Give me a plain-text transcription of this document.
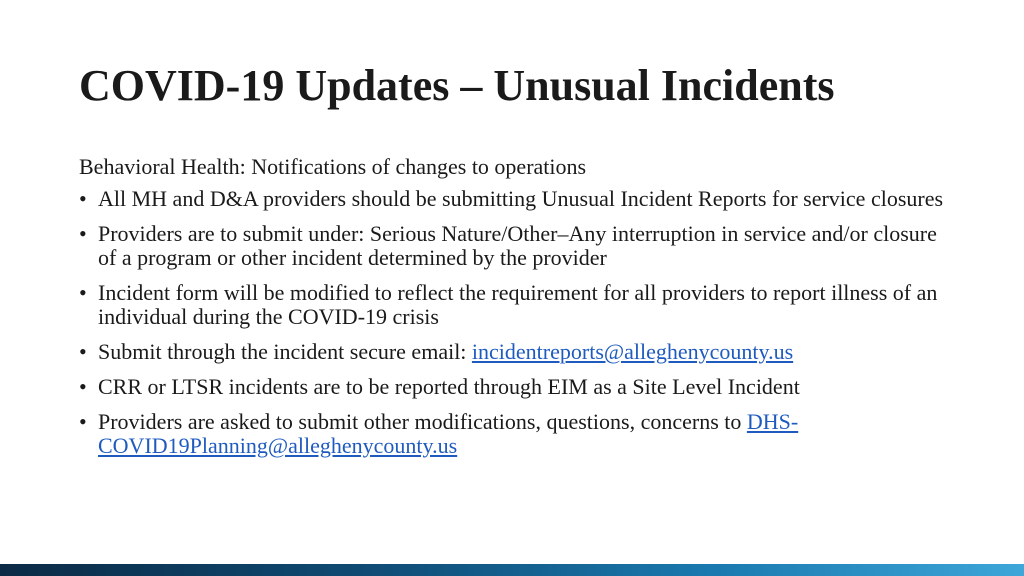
COVID-19 Updates – Unusual Incidents

Behavioral Health: Notifications of changes to operations

• All MH and D&A providers should be submitting Unusual Incident Reports for service closures
• Providers are to submit under: Serious Nature/Other–Any interruption in service and/or closure of a program or other incident determined by the provider
• Incident form will be modified to reflect the requirement for all providers to report illness of an individual during the COVID-19 crisis
• Submit through the incident secure email: incidentreports@alleghenycounty.us
• CRR or LTSR incidents are to be reported through EIM as a Site Level Incident
• Providers are asked to submit other modifications, questions, concerns to DHS-COVID19Planning@alleghenycounty.us
